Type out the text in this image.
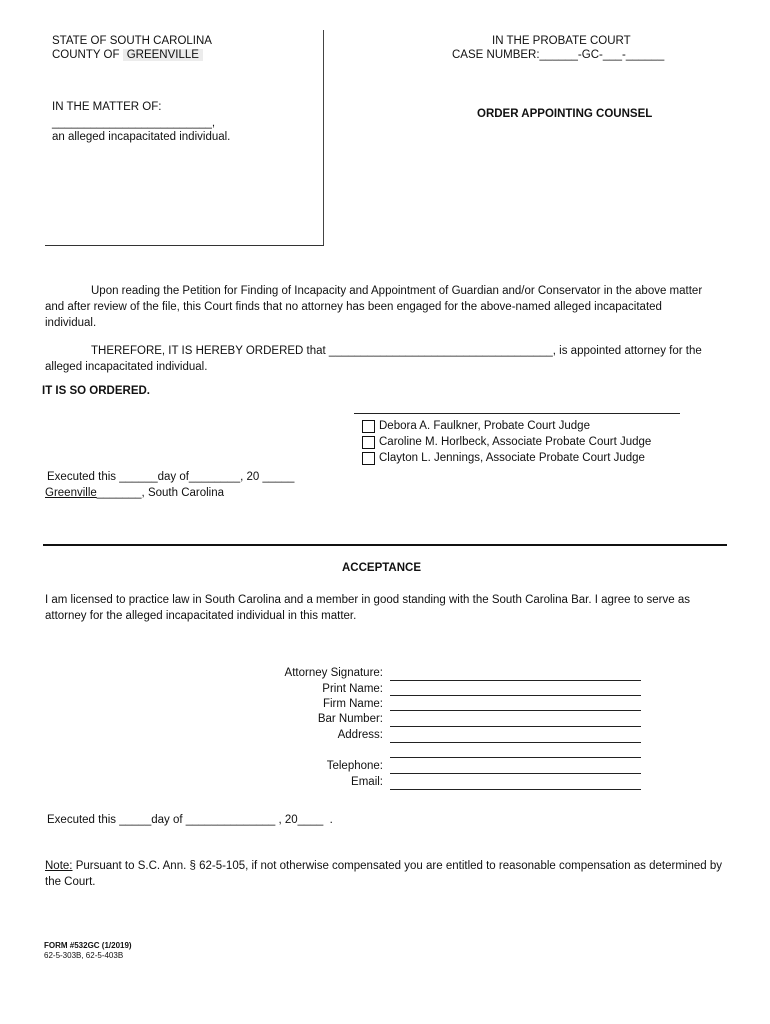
STATE OF SOUTH CAROLINA
COUNTY OF GREENVILLE
IN THE PROBATE COURT
CASE NUMBER:______-GC-___-______
IN THE MATTER OF:
_________________________,
an alleged incapacitated individual.
ORDER APPOINTING COUNSEL
Upon reading the Petition for Finding of Incapacity and Appointment of Guardian and/or Conservator in the above matter and after review of the file, this Court finds that no attorney has been engaged for the above-named alleged incapacitated individual.
THEREFORE, IT IS HEREBY ORDERED that ___________________________________, is appointed attorney for the alleged incapacitated individual.
IT IS SO ORDERED.
Debora A. Faulkner, Probate Court Judge
Caroline M. Horlbeck, Associate Probate Court Judge
Clayton L. Jennings, Associate Probate Court Judge
Executed this ______day of________, 20 _____
Greenville_______, South Carolina
ACCEPTANCE
I am licensed to practice law in South Carolina and a member in good standing with the South Carolina Bar. I agree to serve as attorney for the alleged incapacitated individual in this matter.
Attorney Signature:
Print Name:
Firm Name:
Bar Number:
Address:
Telephone:
Email:
Executed this _____day of ______________ , 20____  .
Note: Pursuant to S.C. Ann. § 62-5-105, if not otherwise compensated you are entitled to reasonable compensation as determined by the Court.
FORM #532GC (1/2019)
62-5-303B, 62-5-403B
